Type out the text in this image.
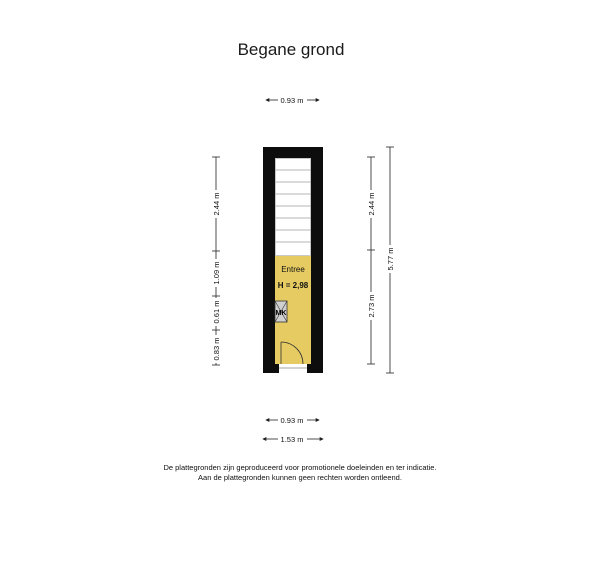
Begane grond
MK
Entree
H = 2,98
0.93 m
0.93 m
1.53 m
2.44 m
1.09 m
0.61 m
0.83 m
2.44 m
2.73 m
5.77 m
De plattegronden zijn geproduceerd voor promotionele doeleinden en ter indicatie.
Aan de plattegronden kunnen geen rechten worden ontleend.
